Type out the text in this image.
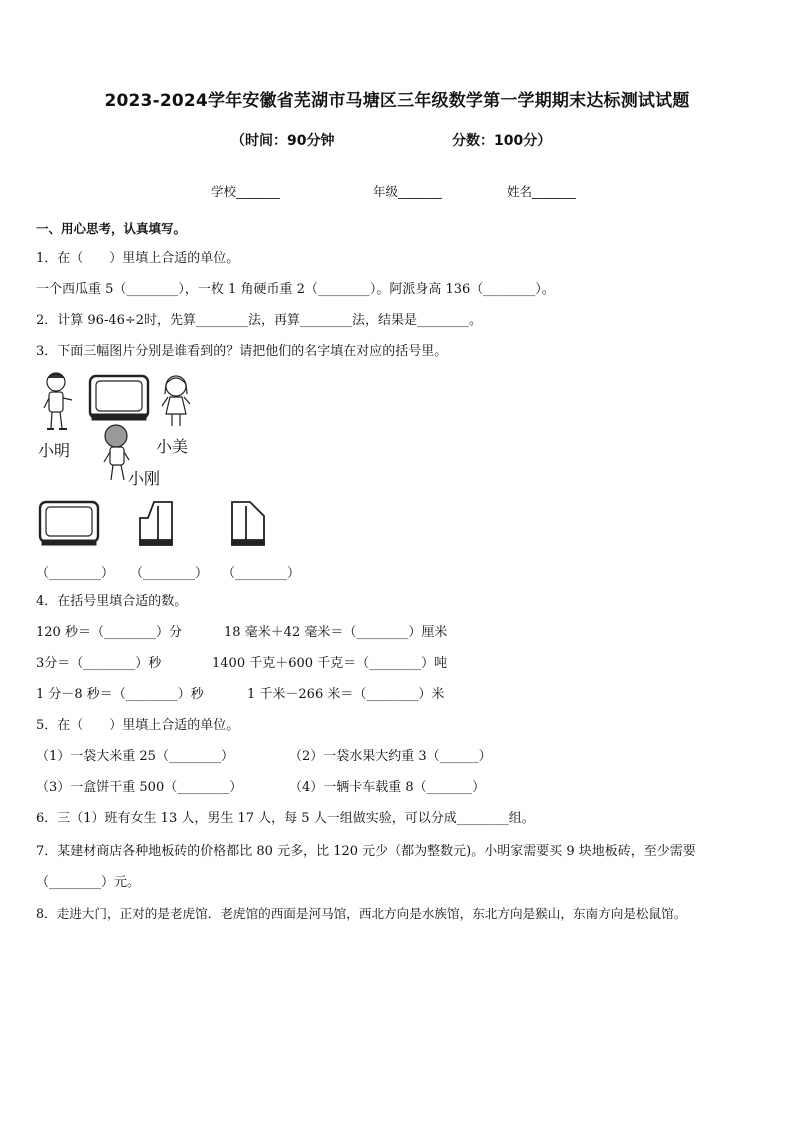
2023-2024学年安徽省芜湖市马塘区三年级数学第一学期期末达标测试试题
（时间：90分钟	分数：100分）
学校_______	年级_______	姓名_______
一、用心思考，认真填写。
1．在（　　）里填上合适的单位。
一个西瓜重 5（________），一枚 1 角硬币重 2（________）。阿派身高 136（________）。
2．计算 96-46÷2时，先算________法，再算________法，结果是________。
3．下面三幅图片分别是谁看到的？请把他们的名字填在对应的括号里。
小明	小美
小刚
（________） （________） （________）
4．在括号里填合适的数。
120 秒＝（________）分	18 毫米＋42 毫米＝（________）厘米
3分＝（________）秒	1400 千克＋600 千克＝（________）吨
1 分－8 秒＝（________）秒	1 千米－266 米＝（________）米
5．在（　　）里填上合适的单位。
（1）一袋大米重 25（________）	（2）一袋水果大约重 3（______）
（3）一盒饼干重 500（________）	（4）一辆卡车载重 8（_______）
6．三（1）班有女生 13 人，男生 17 人，每 5 人一组做实验，可以分成________组。
7．某建材商店各种地板砖的价格都比 80 元多，比 120 元少（都为整数元)。小明家需要买 9 块地板砖，至少需要
（________）元。
8．走进大门，正对的是老虎馆．老虎馆的西面是河马馆，西北方向是水族馆，东北方向是猴山，东南方向是松鼠馆。
